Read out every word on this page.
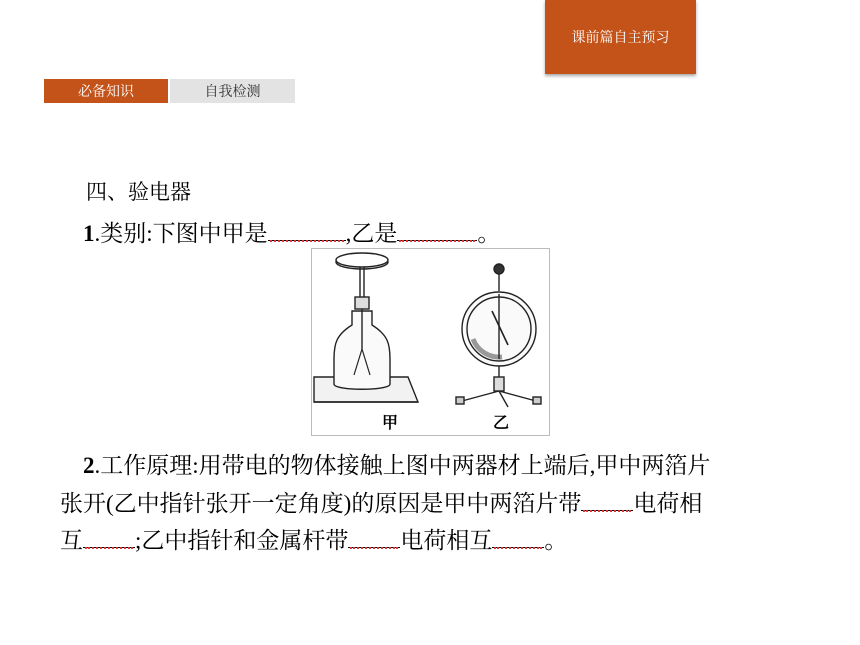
课前篇自主预习
必备知识	自我检测
四、验电器
1.类别:下图中甲是	,乙是	。
甲	乙
2.工作原理:用带电的物体接触上图中两器材上端后,甲中两箔片
张开(乙中指针张开一定角度)的原因是甲中两箔片带 电荷相
互 ;乙中指针和金属杆带 电荷相互 。
